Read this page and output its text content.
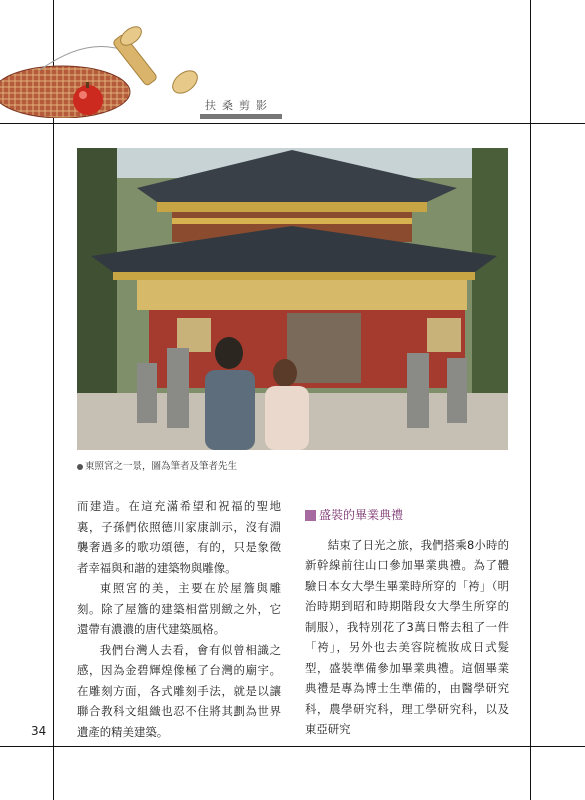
扶桑剪影
東照宮之一景，圖為筆者及筆者先生

而建造。在這充滿希望和祝福的聖地裏，子孫們依照德川家康訓示，沒有淵襲奢過多的歌功頌德，有的，只是象徵者幸福與和諧的建築物與雕像。

東照宮的美，主要在於屋簷與雕刻。除了屋簷的建築相當別緻之外，它還帶有濃濃的唐代建築風格。

我們台灣人去看，會有似曾相識之感，因為金碧輝煌像極了台灣的廟宇。在雕刻方面，各式雕刻手法，就是以讓聯合教科文組織也忍不住將其劃為世界遺產的精美建築。

盛裝的畢業典禮

結束了日光之旅，我們搭乘8小時的新幹線前往山口參加畢業典禮。為了體驗日本女大學生畢業時所穿的「袴」（明治時期到昭和時期階段女大學生所穿的制服），我特別花了3萬日幣去租了一件「袴」，另外也去美容院梳妝成日式髮型，盛裝準備參加畢業典禮。這個畢業典禮是專為博士生準備的，由醫學研究科，農學研究科，理工學研究科，以及東亞研究

34
